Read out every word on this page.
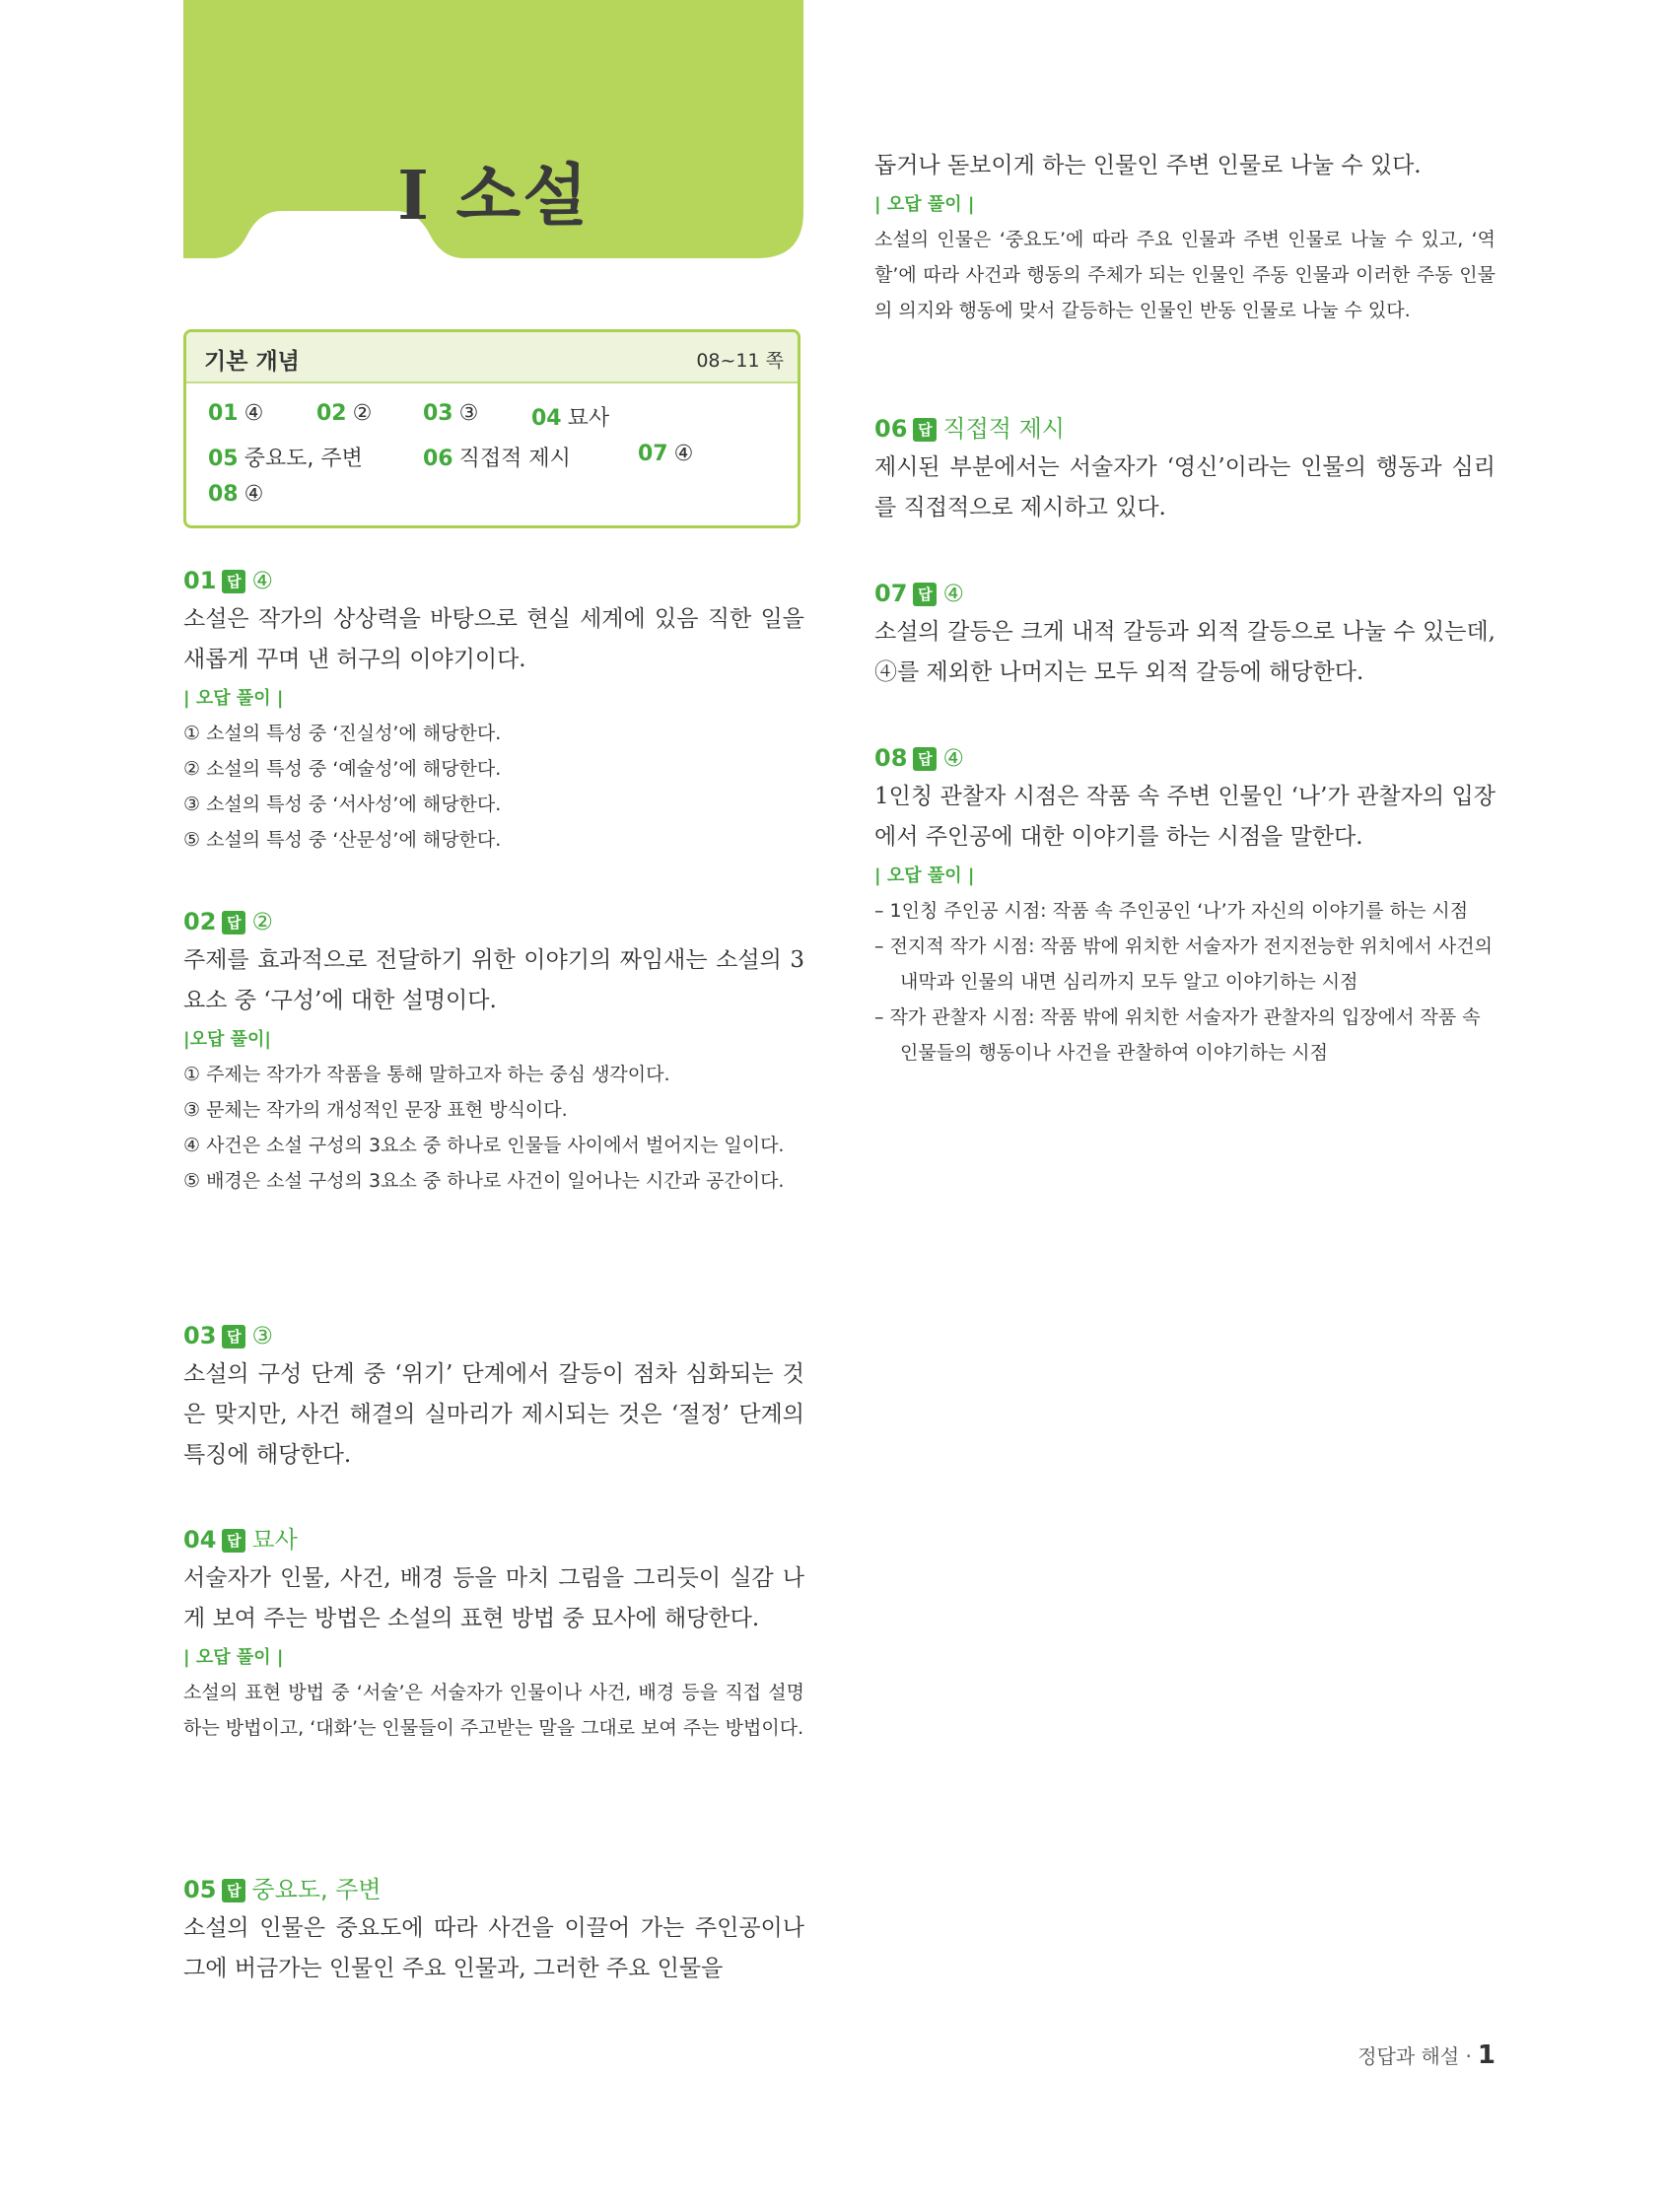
Ⅰ 소설
기본 개념	08~11 쪽
01 ④ 02 ② 03 ③ 04 묘사
05 중요도, 주변	06 직접적 제시	07 ④
08 ④
01 답 ④
소설은 작가의 상상력을 바탕으로 현실 세계에 있음 직한 일을 새롭게 꾸며 낸 허구의 이야기이다.
| 오답 풀이 |
① 소설의 특성 중 ‘진실성’에 해당한다.
② 소설의 특성 중 ‘예술성’에 해당한다.
③ 소설의 특성 중 ‘서사성’에 해당한다.
⑤ 소설의 특성 중 ‘산문성’에 해당한다.
02 답 ②
주제를 효과적으로 전달하기 위한 이야기의 짜임새는 소설의 3요소 중 ‘구성’에 대한 설명이다.
|오답 풀이|
① 주제는 작가가 작품을 통해 말하고자 하는 중심 생각이다.
③ 문체는 작가의 개성적인 문장 표현 방식이다.
④ 사건은 소설 구성의 3요소 중 하나로 인물들 사이에서 벌어지는 일이다.
⑤ 배경은 소설 구성의 3요소 중 하나로 사건이 일어나는 시간과 공간이다.
03 답 ③
소설의 구성 단계 중 ‘위기’ 단계에서 갈등이 점차 심화되는 것은 맞지만, 사건 해결의 실마리가 제시되는 것은 ‘절정’ 단계의 특징에 해당한다.
04 답 묘사
서술자가 인물, 사건, 배경 등을 마치 그림을 그리듯이 실감 나게 보여 주는 방법은 소설의 표현 방법 중 묘사에 해당한다.
| 오답 풀이 |
소설의 표현 방법 중 ‘서술’은 서술자가 인물이나 사건, 배경 등을 직접 설명하는 방법이고, ‘대화’는 인물들이 주고받는 말을 그대로 보여 주는 방법이다.
05 답 중요도, 주변
소설의 인물은 중요도에 따라 사건을 이끌어 가는 주인공이나 그에 버금가는 인물인 주요 인물과, 그러한 주요 인물을
돕거나 돋보이게 하는 인물인 주변 인물로 나눌 수 있다.
| 오답 풀이 |
소설의 인물은 ‘중요도’에 따라 주요 인물과 주변 인물로 나눌 수 있고, ‘역할’에 따라 사건과 행동의 주체가 되는 인물인 주동 인물과 이러한 주동 인물의 의지와 행동에 맞서 갈등하는 인물인 반동 인물로 나눌 수 있다.
06 답 직접적 제시
제시된 부분에서는 서술자가 ‘영신’이라는 인물의 행동과 심리를 직접적으로 제시하고 있다.
07 답 ④
소설의 갈등은 크게 내적 갈등과 외적 갈등으로 나눌 수 있는데, ④를 제외한 나머지는 모두 외적 갈등에 해당한다.
08 답 ④
1인칭 관찰자 시점은 작품 속 주변 인물인 ‘나’가 관찰자의 입장에서 주인공에 대한 이야기를 하는 시점을 말한다.
| 오답 풀이 |
– 1인칭 주인공 시점: 작품 속 주인공인 ‘나’가 자신의 이야기를 하는 시점
– 전지적 작가 시점: 작품 밖에 위치한 서술자가 전지전능한 위치에서 사건의 내막과 인물의 내면 심리까지 모두 알고 이야기하는 시점
– 작가 관찰자 시점: 작품 밖에 위치한 서술자가 관찰자의 입장에서 작품 속 인물들의 행동이나 사건을 관찰하여 이야기하는 시점
정답과 해설 · 1
